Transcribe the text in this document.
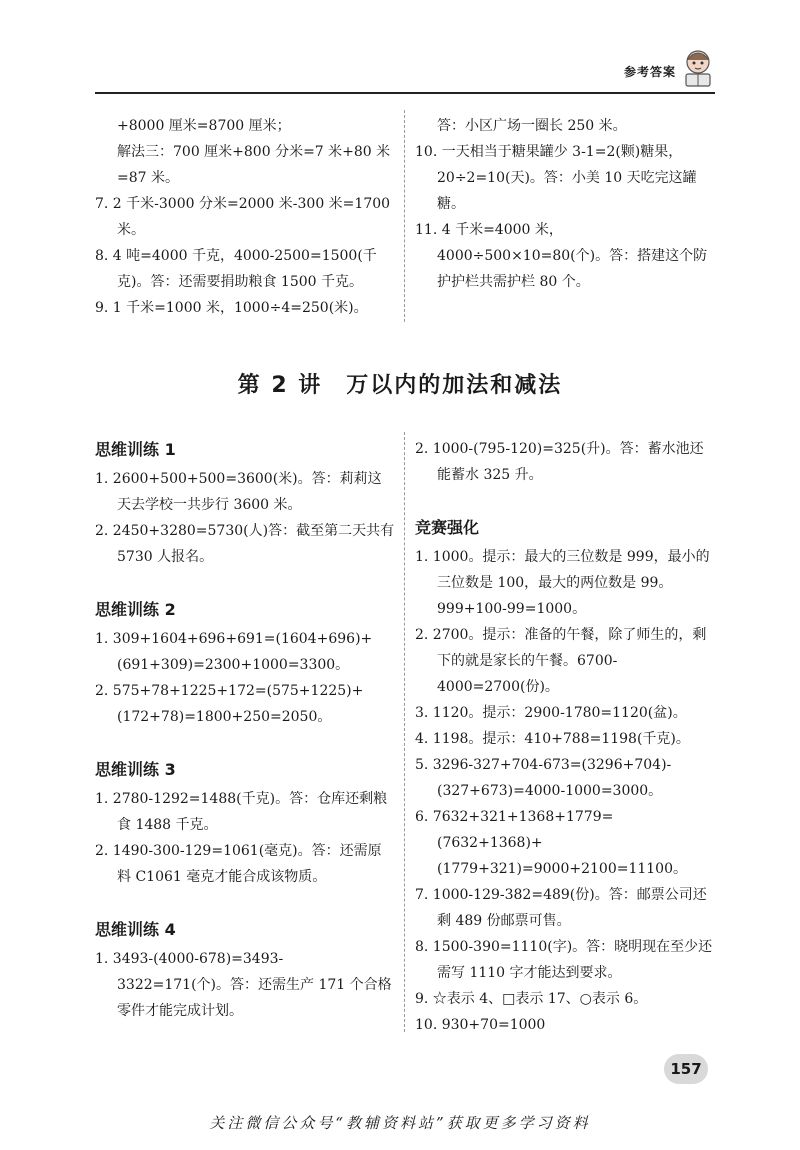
参考答案

+8000 厘米=8700 厘米；

解法三：700 厘米+800 分米=7 米+80 米=87 米。

7. 2 千米-3000 分米=2000 米-300 米=1700 米。

8. 4 吨=4000 千克，4000-2500=1500(千克)。答：还需要捐助粮食 1500 千克。

9. 1 千米=1000 米，1000÷4=250(米)。

答：小区广场一圈长 250 米。

10. 一天相当于糖果罐少 3-1=2(颗)糖果，20÷2=10(天)。答：小美 10 天吃完这罐糖。

11. 4 千米=4000 米，4000÷500×10=80(个)。答：搭建这个防护护栏共需护栏 80 个。

第 2 讲　万以内的加法和减法
思维训练 1

1. 2600+500+500=3600(米)。答：莉莉这天去学校一共步行 3600 米。

2. 2450+3280=5730(人)答：截至第二天共有 5730 人报名。

思维训练 2

1. 309+1604+696+691=(1604+696)+(691+309)=2300+1000=3300。

2. 575+78+1225+172=(575+1225)+(172+78)=1800+250=2050。

思维训练 3

1. 2780-1292=1488(千克)。答：仓库还剩粮食 1488 千克。

2. 1490-300-129=1061(毫克)。答：还需原料 C1061 毫克才能合成该物质。

思维训练 4

1. 3493-(4000-678)=3493-3322=171(个)。答：还需生产 171 个合格零件才能完成计划。

2. 1000-(795-120)=325(升)。答：蓄水池还能蓄水 325 升。

竞赛强化

1. 1000。提示：最大的三位数是 999，最小的三位数是 100，最大的两位数是 99。999+100-99=1000。

2. 2700。提示：准备的午餐，除了师生的，剩下的就是家长的午餐。6700-4000=2700(份)。

3. 1120。提示：2900-1780=1120(盆)。

4. 1198。提示：410+788=1198(千克)。

5. 3296-327+704-673=(3296+704)-(327+673)=4000-1000=3000。

6. 7632+321+1368+1779=(7632+1368)+(1779+321)=9000+2100=11100。

7. 1000-129-382=489(份)。答：邮票公司还剩 489 份邮票可售。

8. 1500-390=1110(字)。答：晓明现在至少还需写 1110 字才能达到要求。

9. ☆表示 4、□表示 17、○表示 6。

10. 930+70=1000

157
关注微信公众号“教辅资料站”获取更多学习资料
